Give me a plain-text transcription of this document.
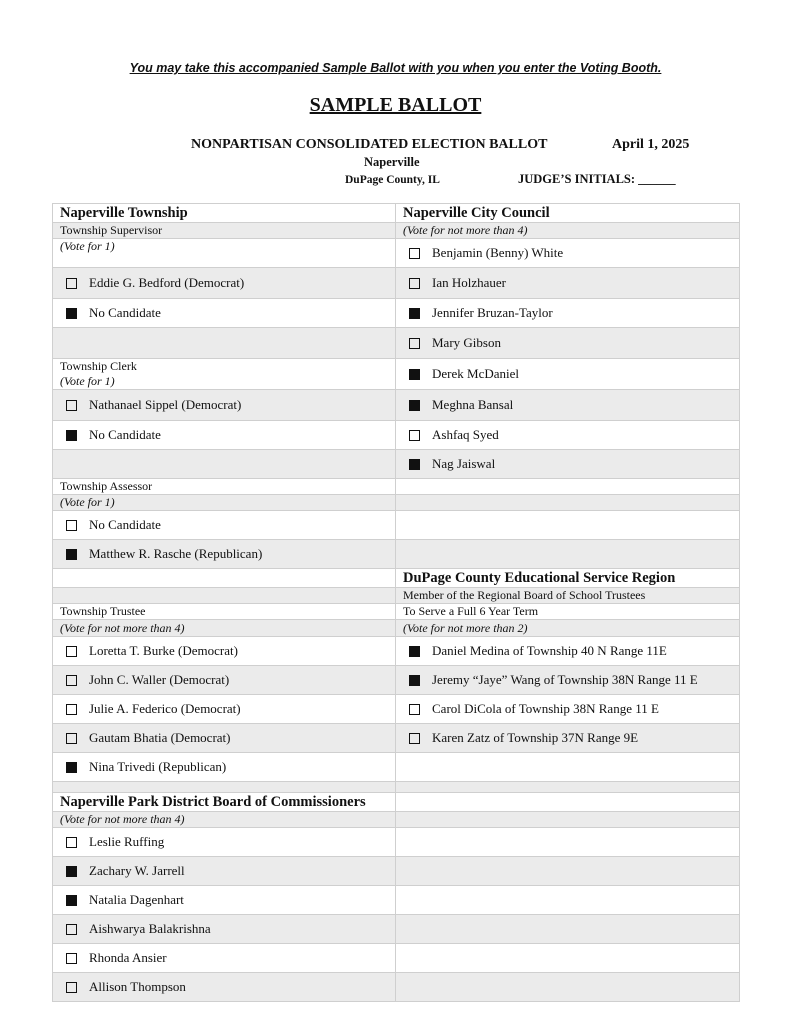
You may take this accompanied Sample Ballot with you when you enter the Voting Booth.
SAMPLE BALLOT
NONPARTISAN CONSOLIDATED ELECTION BALLOT	April 1, 2025
Naperville
DuPage County, IL	JUDGE’S INITIALS: ______
Naperville Township	Naperville City Council
Township Supervisor	(Vote for not more than 4)
(Vote for 1)	Benjamin (Benny) White

Eddie G. Bedford (Democrat)	Ian Holzhauer

No Candidate	Jennifer Bruzan-Taylor

	Mary Gibson

Township Clerk
(Vote for 1)	Derek McDaniel

Nathanael Sippel (Democrat)	Meghna Bansal

No Candidate	Ashfaq Syed

	Nag Jaiswal

Township Assessor	
(Vote for 1)	

No Candidate	

Matthew R. Rasche (Republican)	

	DuPage County Educational Service Region
	Member of the Regional Board of School Trustees
Township Trustee	To Serve a Full 6 Year Term
(Vote for not more than 4)	(Vote for not more than 2)

Loretta T. Burke (Democrat)	Daniel Medina of Township 40 N Range 11E

John C. Waller (Democrat)	Jeremy “Jaye” Wang of Township 38N Range 11 E

Julie A. Federico (Democrat)	Carol DiCola of Township 38N Range 11 E

Gautam Bhatia (Democrat)	Karen Zatz of Township 37N Range 9E

Nina Trivedi (Republican)	

Naperville Park District Board of Commissioners	
(Vote for not more than 4)	

Leslie Ruffing	

Zachary W. Jarrell	

Natalia Dagenhart	

Aishwarya Balakrishna	

Rhonda Ansier	

Allison Thompson	
